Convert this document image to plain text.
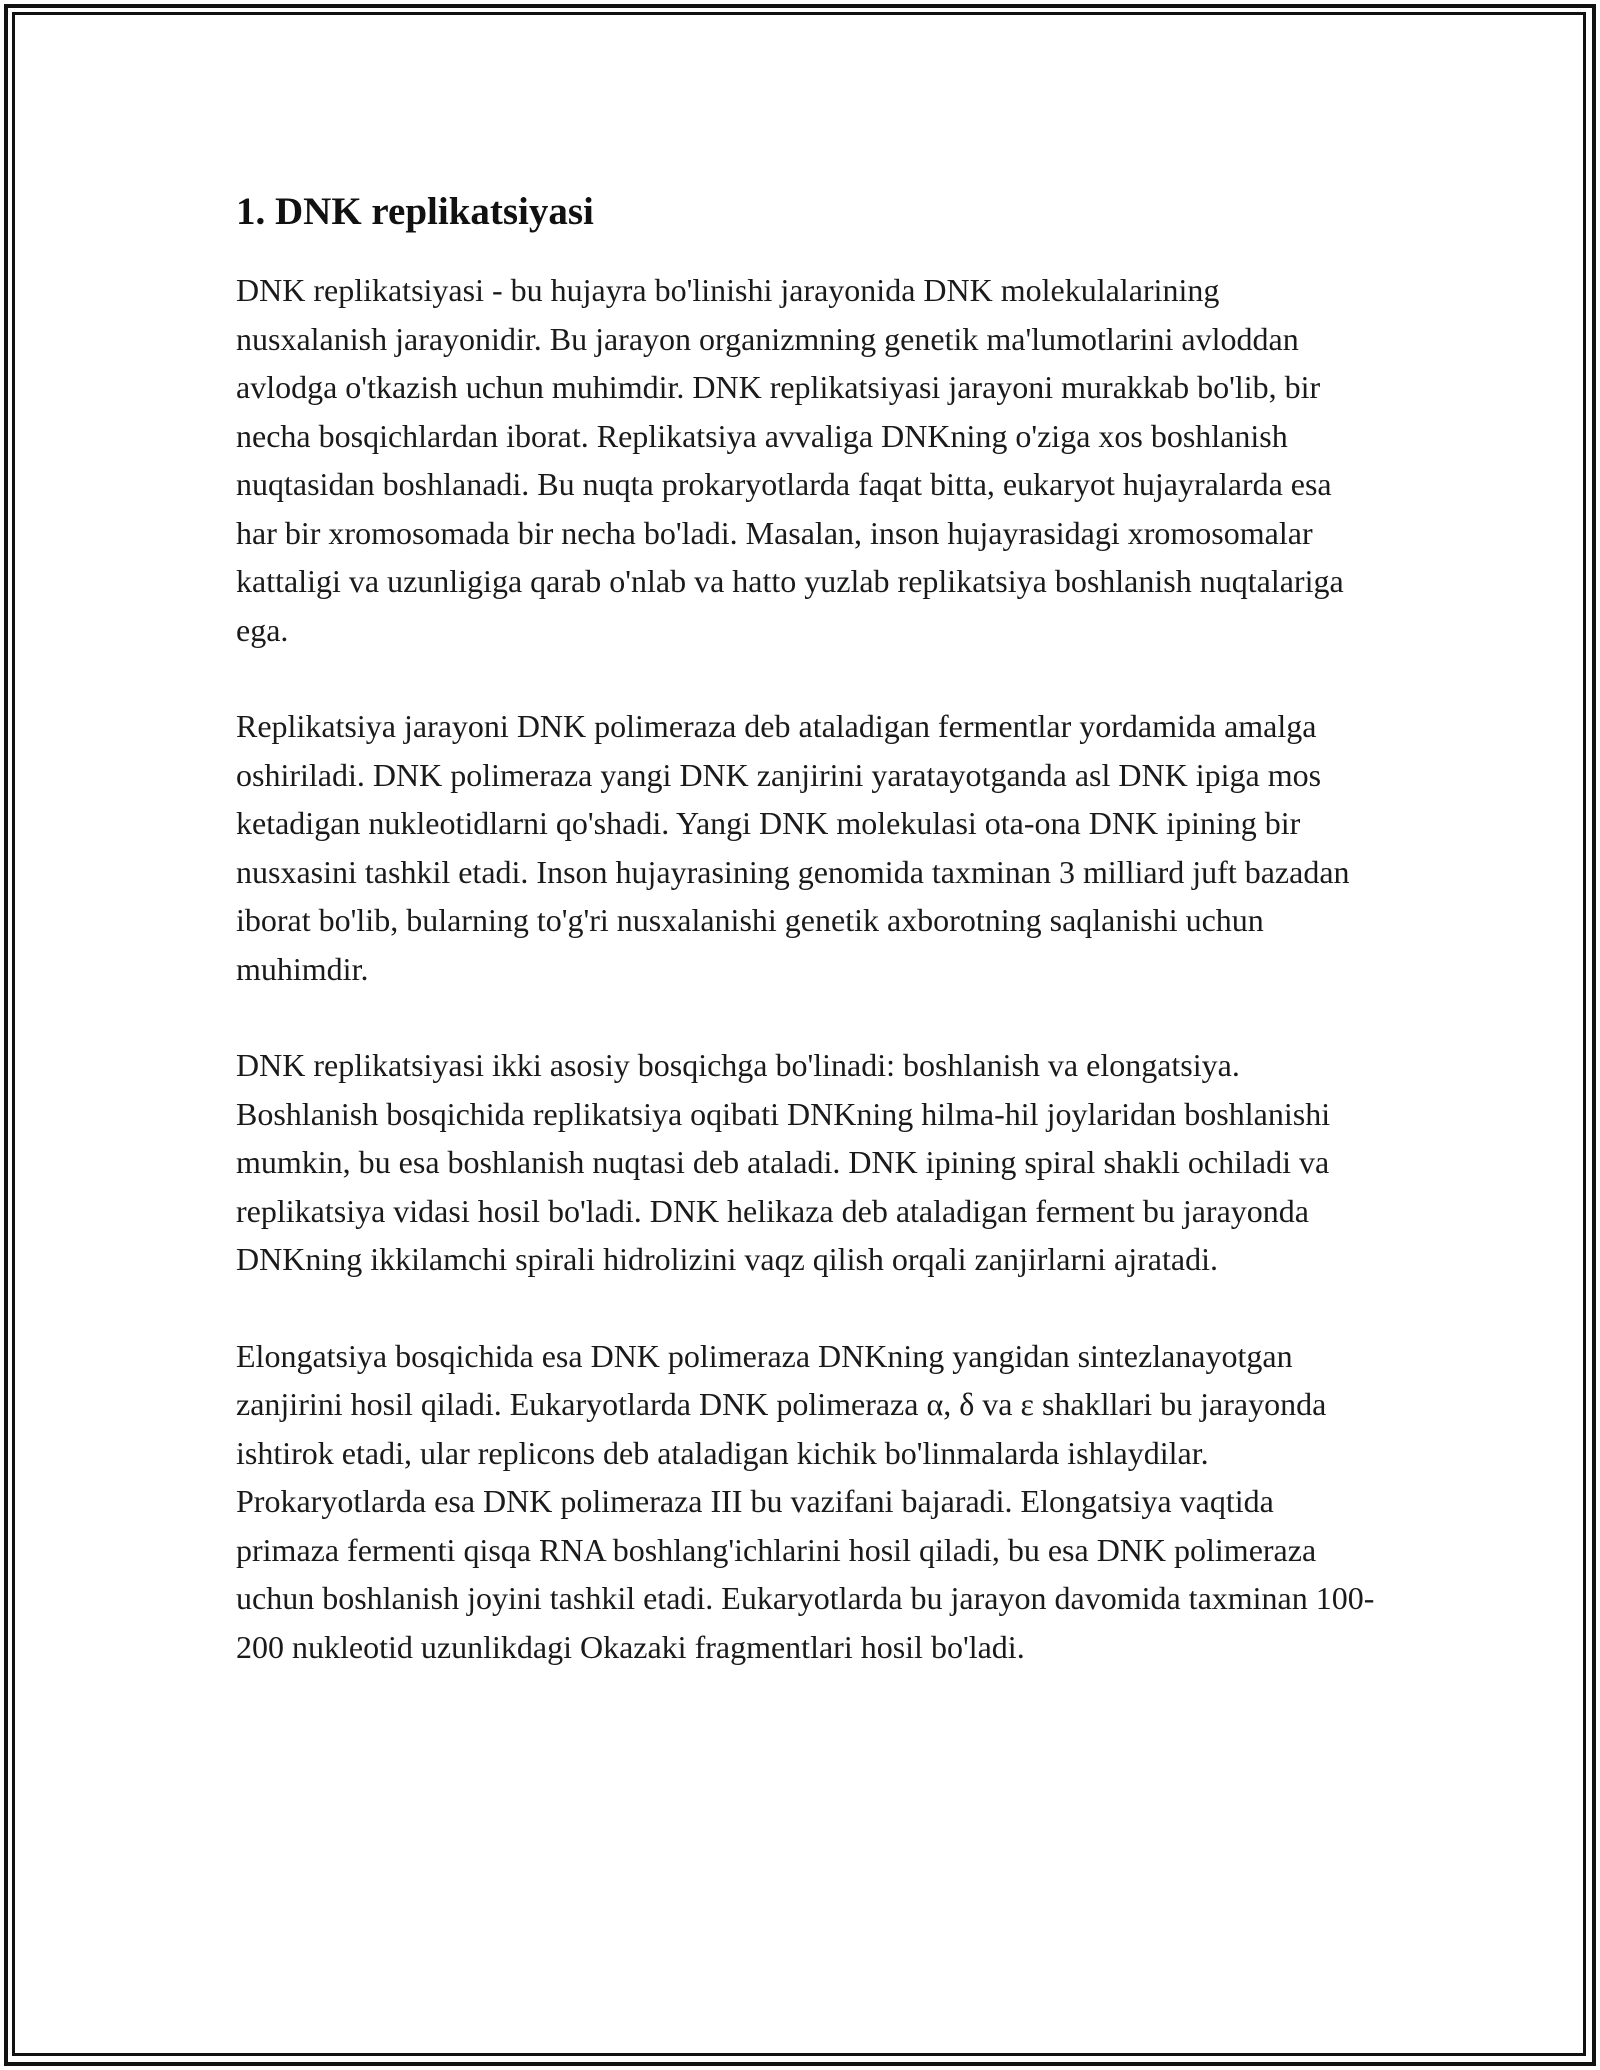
1. DNK replikatsiyasi

DNK replikatsiyasi - bu hujayra bo'linishi jarayonida DNK molekulalarining nusxalanish jarayonidir. Bu jarayon organizmning genetik ma'lumotlarini avloddan avlodga o'tkazish uchun muhimdir. DNK replikatsiyasi jarayoni murakkab bo'lib, bir necha bosqichlardan iborat. Replikatsiya avvaliga DNKning o'ziga xos boshlanish nuqtasidan boshlanadi. Bu nuqta prokaryotlarda faqat bitta, eukaryot hujayralarda esa har bir xromosomada bir necha bo'ladi. Masalan, inson hujayrasidagi xromosomalar kattaligi va uzunligiga qarab o'nlab va hatto yuzlab replikatsiya boshlanish nuqtalariga ega.

Replikatsiya jarayoni DNK polimeraza deb ataladigan fermentlar yordamida amalga oshiriladi. DNK polimeraza yangi DNK zanjirini yaratayotganda asl DNK ipiga mos ketadigan nukleotidlarni qo'shadi. Yangi DNK molekulasi ota-ona DNK ipining bir nusxasini tashkil etadi. Inson hujayrasining genomida taxminan 3 milliard juft bazadan iborat bo'lib, bularning to'g'ri nusxalanishi genetik axborotning saqlanishi uchun muhimdir.

DNK replikatsiyasi ikki asosiy bosqichga bo'linadi: boshlanish va elongatsiya. Boshlanish bosqichida replikatsiya oqibati DNKning hilma-hil joylaridan boshlanishi mumkin, bu esa boshlanish nuqtasi deb ataladi. DNK ipining spiral shakli ochiladi va replikatsiya vidasi hosil bo'ladi. DNK helikaza deb ataladigan ferment bu jarayonda DNKning ikkilamchi spirali hidrolizini vaqz qilish orqali zanjirlarni ajratadi.

Elongatsiya bosqichida esa DNK polimeraza DNKning yangidan sintezlanayotgan zanjirini hosil qiladi. Eukaryotlarda DNK polimeraza α, δ va ε shakllari bu jarayonda ishtirok etadi, ular replicons deb ataladigan kichik bo'linmalarda ishlaydilar. Prokaryotlarda esa DNK polimeraza III bu vazifani bajaradi. Elongatsiya vaqtida primaza fermenti qisqa RNA boshlang'ichlarini hosil qiladi, bu esa DNK polimeraza uchun boshlanish joyini tashkil etadi. Eukaryotlarda bu jarayon davomida taxminan 100-200 nukleotid uzunlikdagi Okazaki fragmentlari hosil bo'ladi.
